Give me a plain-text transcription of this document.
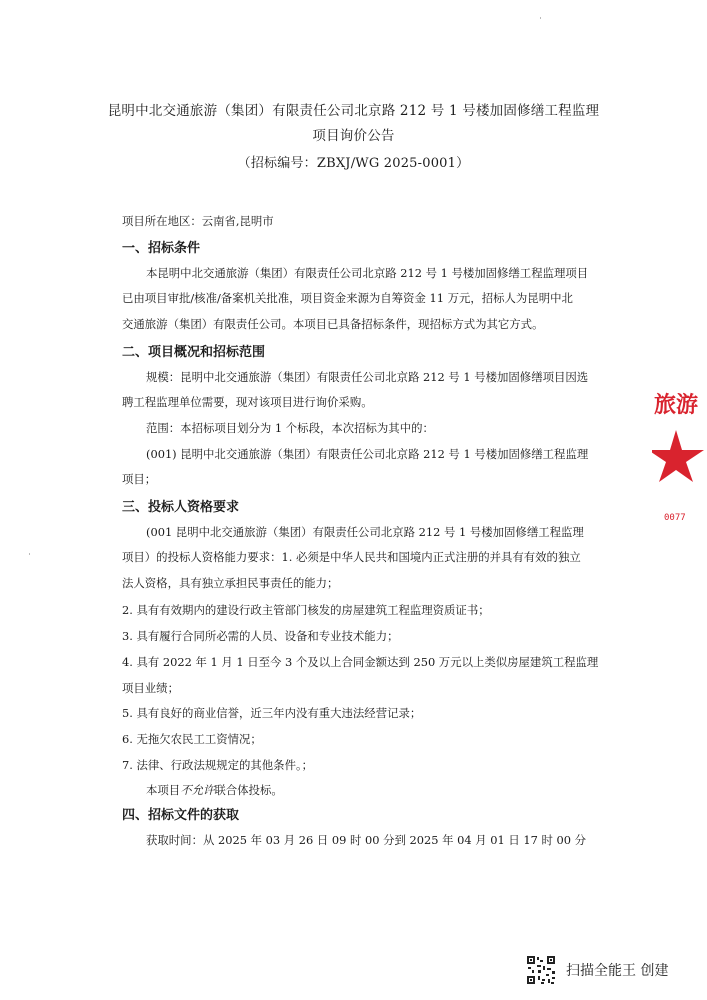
昆明中北交通旅游（集团）有限责任公司北京路 212 号 1 号楼加固修缮工程监理
项目询价公告
（招标编号：ZBXJ/WG 2025-0001）
项目所在地区：云南省,昆明市
一、招标条件
本昆明中北交通旅游（集团）有限责任公司北京路 212 号 1 号楼加固修缮工程监理项目
已由项目审批/核准/备案机关批准，项目资金来源为自筹资金 11 万元，招标人为昆明中北
交通旅游（集团）有限责任公司。本项目已具备招标条件，现招标方式为其它方式。
二、项目概况和招标范围
规模：昆明中北交通旅游（集团）有限责任公司北京路 212 号 1 号楼加固修缮项目因选
聘工程监理单位需要，现对该项目进行询价采购。
范围：本招标项目划分为 1 个标段，本次招标为其中的：
(001) 昆明中北交通旅游（集团）有限责任公司北京路 212 号 1 号楼加固修缮工程监理
项目；
三、投标人资格要求
(001 昆明中北交通旅游（集团）有限责任公司北京路 212 号 1 号楼加固修缮工程监理
项目）的投标人资格能力要求：1. 必须是中华人民共和国境内正式注册的并具有有效的独立
法人资格，具有独立承担民事责任的能力；
2. 具有有效期内的建设行政主管部门核发的房屋建筑工程监理资质证书；
3. 具有履行合同所必需的人员、设备和专业技术能力；
4. 具有 2022 年 1 月 1 日至今 3 个及以上合同金额达到 250 万元以上类似房屋建筑工程监理
项目业绩；
5. 具有良好的商业信誉，近三年内没有重大违法经营记录；
6. 无拖欠农民工工资情况；
7. 法律、行政法规规定的其他条件。；
本项目不允许联合体投标。
四、招标文件的获取
获取时间：从 2025 年 03 月 26 日 09 时 00 分到 2025 年 04 月 01 日 17 时 00 分
旅游
0077
扫描全能王 创建
